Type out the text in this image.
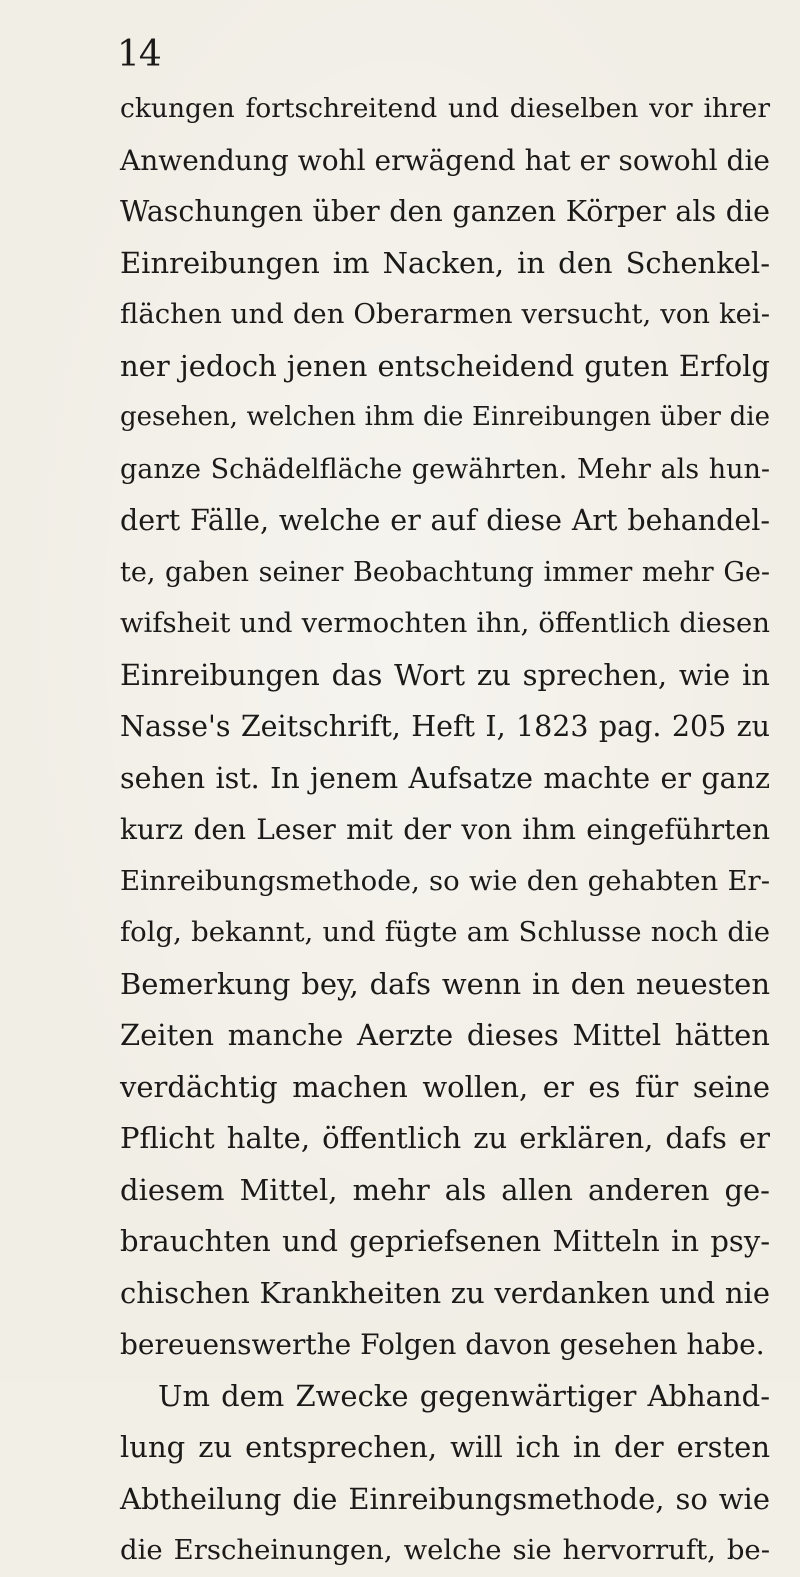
14
ckungen fortschreitend und dieselben vor ihrer
Anwendung wohl erwägend hat er sowohl die
Waschungen über den ganzen Körper als die
Einreibungen im Nacken, in den Schenkel-
flächen und den Oberarmen versucht, von kei-
ner jedoch jenen entscheidend guten Erfolg
gesehen, welchen ihm die Einreibungen über die
ganze Schädelfläche gewährten. Mehr als hun-
dert Fälle, welche er auf diese Art behandel-
te, gaben seiner Beobachtung immer mehr Ge-
wifsheit und vermochten ihn, öffentlich diesen
Einreibungen das Wort zu sprechen, wie in
Nasse's Zeitschrift, Heft I, 1823 pag. 205 zu
sehen ist. In jenem Aufsatze machte er ganz
kurz den Leser mit der von ihm eingeführten
Einreibungsmethode, so wie den gehabten Er-
folg, bekannt, und fügte am Schlusse noch die
Bemerkung bey, dafs wenn in den neuesten
Zeiten manche Aerzte dieses Mittel hätten
verdächtig machen wollen, er es für seine
Pflicht halte, öffentlich zu erklären, dafs er
diesem Mittel, mehr als allen anderen ge-
brauchten und gepriefsenen Mitteln in psy-
chischen Krankheiten zu verdanken und nie
bereuenswerthe Folgen davon gesehen habe.
Um dem Zwecke gegenwärtiger Abhand-
lung zu entsprechen, will ich in der ersten
Abtheilung die Einreibungsmethode, so wie
die Erscheinungen, welche sie hervorruft, be-
